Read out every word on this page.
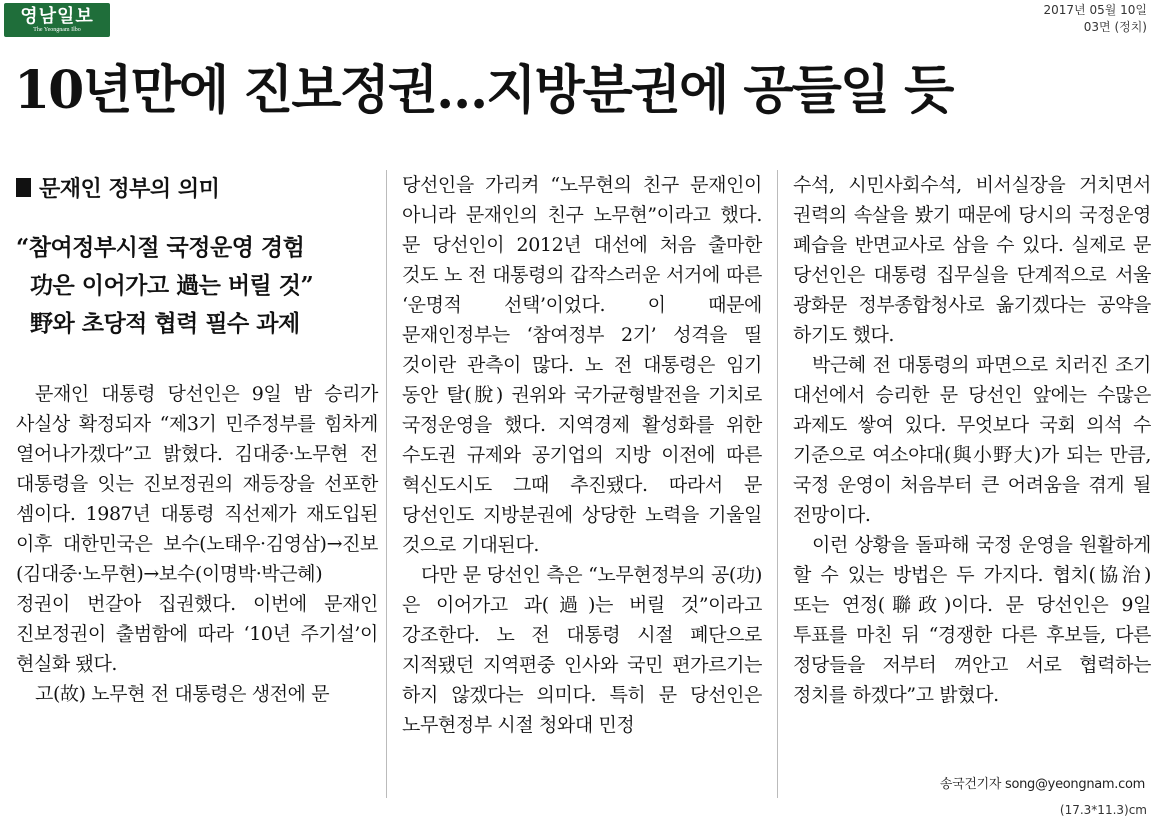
영남일보
The Yeongnam Ilbo
2017년 05월 10일
03면 (정치)
10년만에 진보정권…지방분권에 공들일 듯
문재인 정부의 의미
“참여정부시절 국정운영 경험
功은 이어가고 過는 버릴 것”
野와 초당적 협력 필수 과제

문재인 대통령 당선인은 9일 밤 승리가 사실상 확정되자 “제3기 민주정부를 힘차게 열어나가겠다”고 밝혔다. 김대중·노무현 전 대통령을 잇는 진보정권의 재등장을 선포한 셈이다. 1987년 대통령 직선제가 재도입된 이후 대한민국은 보수(노태우·김영삼)→진보(김대중·노무현)→보수(이명박·박근혜) 정권이 번갈아 집권했다. 이번에 문재인 진보정권이 출범함에 따라 ‘10년 주기설’이 현실화 됐다.

고(故) 노무현 전 대통령은 생전에 문

당선인을 가리켜 “노무현의 친구 문재인이 아니라 문재인의 친구 노무현”이라고 했다. 문 당선인이 2012년 대선에 처음 출마한 것도 노 전 대통령의 갑작스러운 서거에 따른 ‘운명적 선택’이었다. 이 때문에 문재인정부는 ‘참여정부 2기’ 성격을 띨 것이란 관측이 많다. 노 전 대통령은 임기 동안 탈(脫) 권위와 국가균형발전을 기치로 국정운영을 했다. 지역경제 활성화를 위한 수도권 규제와 공기업의 지방 이전에 따른 혁신도시도 그때 추진됐다. 따라서 문 당선인도 지방분권에 상당한 노력을 기울일 것으로 기대된다.

다만 문 당선인 측은 “노무현정부의 공(功)은 이어가고 과(過)는 버릴 것”이라고 강조한다. 노 전 대통령 시절 폐단으로 지적됐던 지역편중 인사와 국민 편가르기는 하지 않겠다는 의미다. 특히 문 당선인은 노무현정부 시절 청와대 민정

수석, 시민사회수석, 비서실장을 거치면서 권력의 속살을 봤기 때문에 당시의 국정운영 폐습을 반면교사로 삼을 수 있다. 실제로 문 당선인은 대통령 집무실을 단계적으로 서울 광화문 정부종합청사로 옮기겠다는 공약을 하기도 했다.

박근혜 전 대통령의 파면으로 치러진 조기 대선에서 승리한 문 당선인 앞에는 수많은 과제도 쌓여 있다. 무엇보다 국회 의석 수 기준으로 여소야대(與小野大)가 되는 만큼, 국정 운영이 처음부터 큰 어려움을 겪게 될 전망이다.

이런 상황을 돌파해 국정 운영을 원활하게 할 수 있는 방법은 두 가지다. 협치(協治) 또는 연정(聯政)이다. 문 당선인은 9일 투표를 마친 뒤 “경쟁한 다른 후보들, 다른 정당들을 저부터 껴안고 서로 협력하는 정치를 하겠다”고 밝혔다.

송국건기자 song@yeongnam.com
(17.3*11.3)cm
